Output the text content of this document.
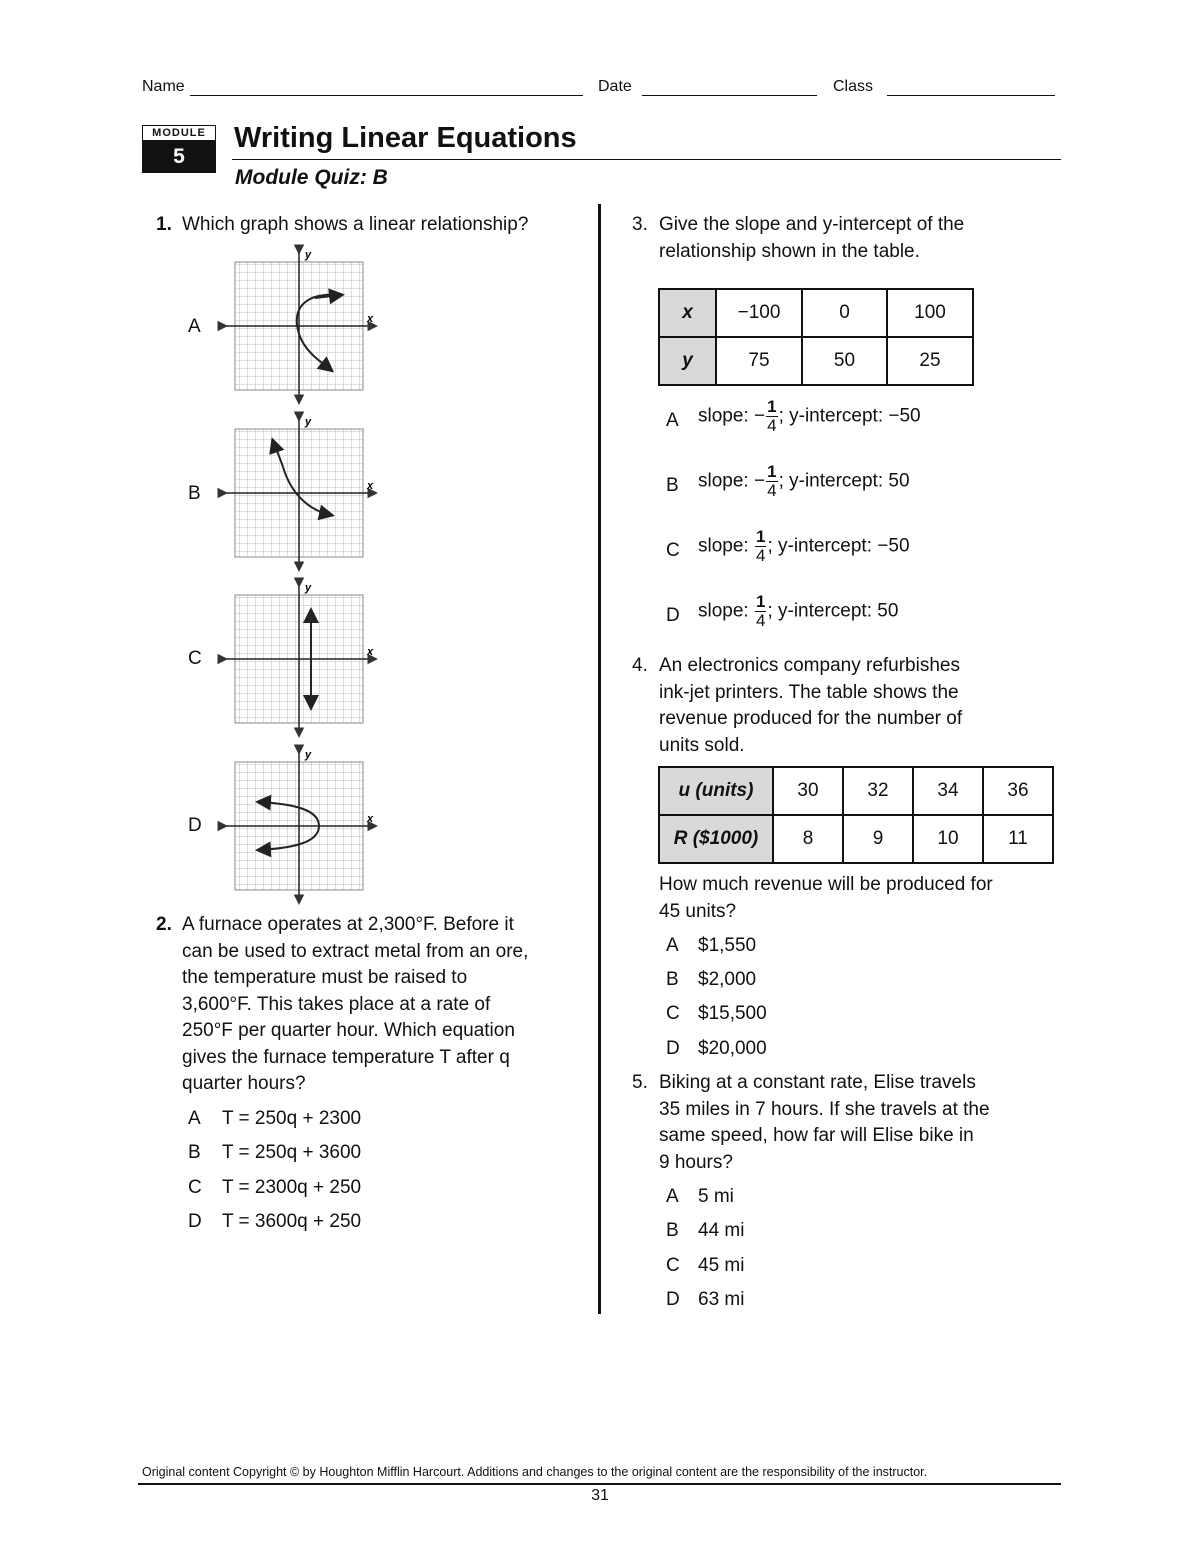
Name	Date	Class
MODULE
5
Writing Linear Equations
Module Quiz: B
1. Which graph shows a linear relationship?
A
B
C
D
y
x
y
x
y
x
y
x
2. A furnace operates at 2,300°F. Before it
can be used to extract metal from an ore,
the temperature must be raised to
3,600°F. This takes place at a rate of
250°F per quarter hour. Which equation
gives the furnace temperature T after q
quarter hours?
A T = 250q + 2300
B T = 250q + 3600
C T = 2300q + 250
D T = 3600q + 250
3. Give the slope and y-intercept of the
relationship shown in the table.
x	−100	0	100
y	75	50	25
A slope: − $\frac{1}{4}$ ; y-intercept: −50
B slope: − $\frac{1}{4}$ ; y-intercept: 50
C slope: $\frac{1}{4}$ ; y-intercept: −50
D slope: $\frac{1}{4}$ ; y-intercept: 50
4. An electronics company refurbishes
ink-jet printers. The table shows the
revenue produced for the number of
units sold.
u (units)	30	32	34	36
R ($1000)	8	9	10	11
How much revenue will be produced for
45 units?
A $1,550
B $2,000
C $15,500
D $20,000
5. Biking at a constant rate, Elise travels
35 miles in 7 hours. If she travels at the
same speed, how far will Elise bike in
9 hours?
A 5 mi
B 44 mi
C 45 mi
D 63 mi
Original content Copyright © by Houghton Mifflin Harcourt. Additions and changes to the original content are the responsibility of the instructor.
31
